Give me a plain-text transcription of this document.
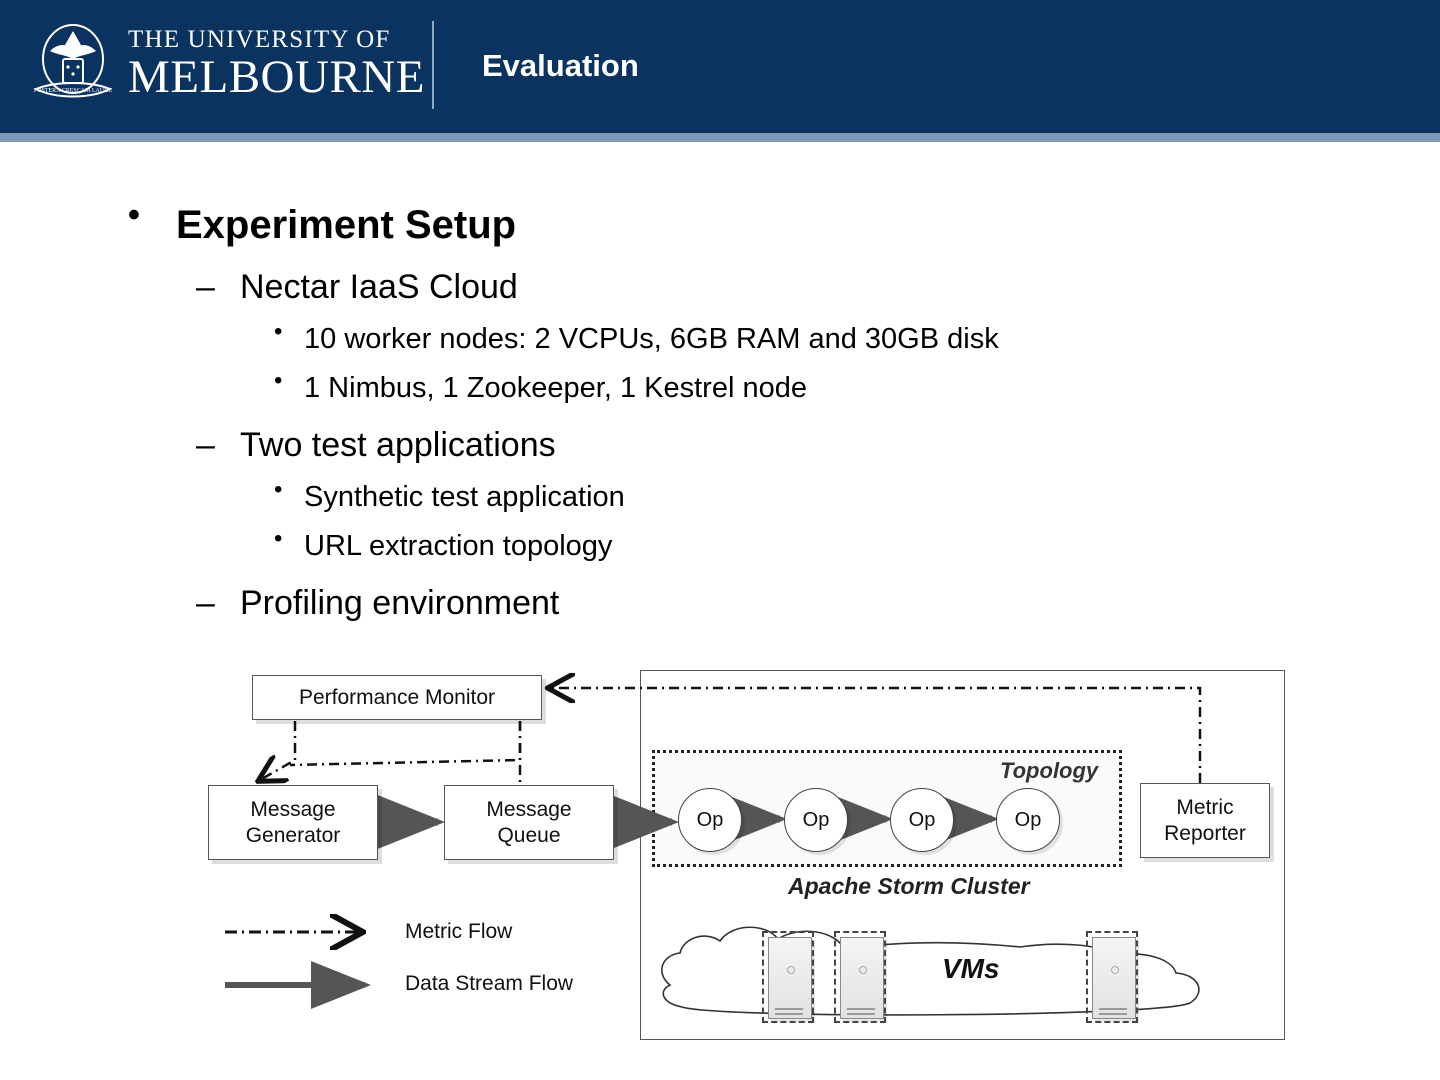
POSTERA CRESCAM LAUDE
THE UNIVERSITY OF
MELBOURNE Evaluation
• Experiment Setup
– Nectar IaaS Cloud
• 10 worker nodes: 2 VCPUs, 6GB RAM and 30GB disk
• 1 Nimbus, 1 Zookeeper, 1 Kestrel node
– Two test applications
• Synthetic test application
• URL extraction topology
– Profiling environment
Topology
Performance Monitor
Message
Generator
Message
Queue
Metric
Reporter
Op	Op	Op	Op
Apache Storm Cluster
VMs
Metric Flow
Data Stream Flow
